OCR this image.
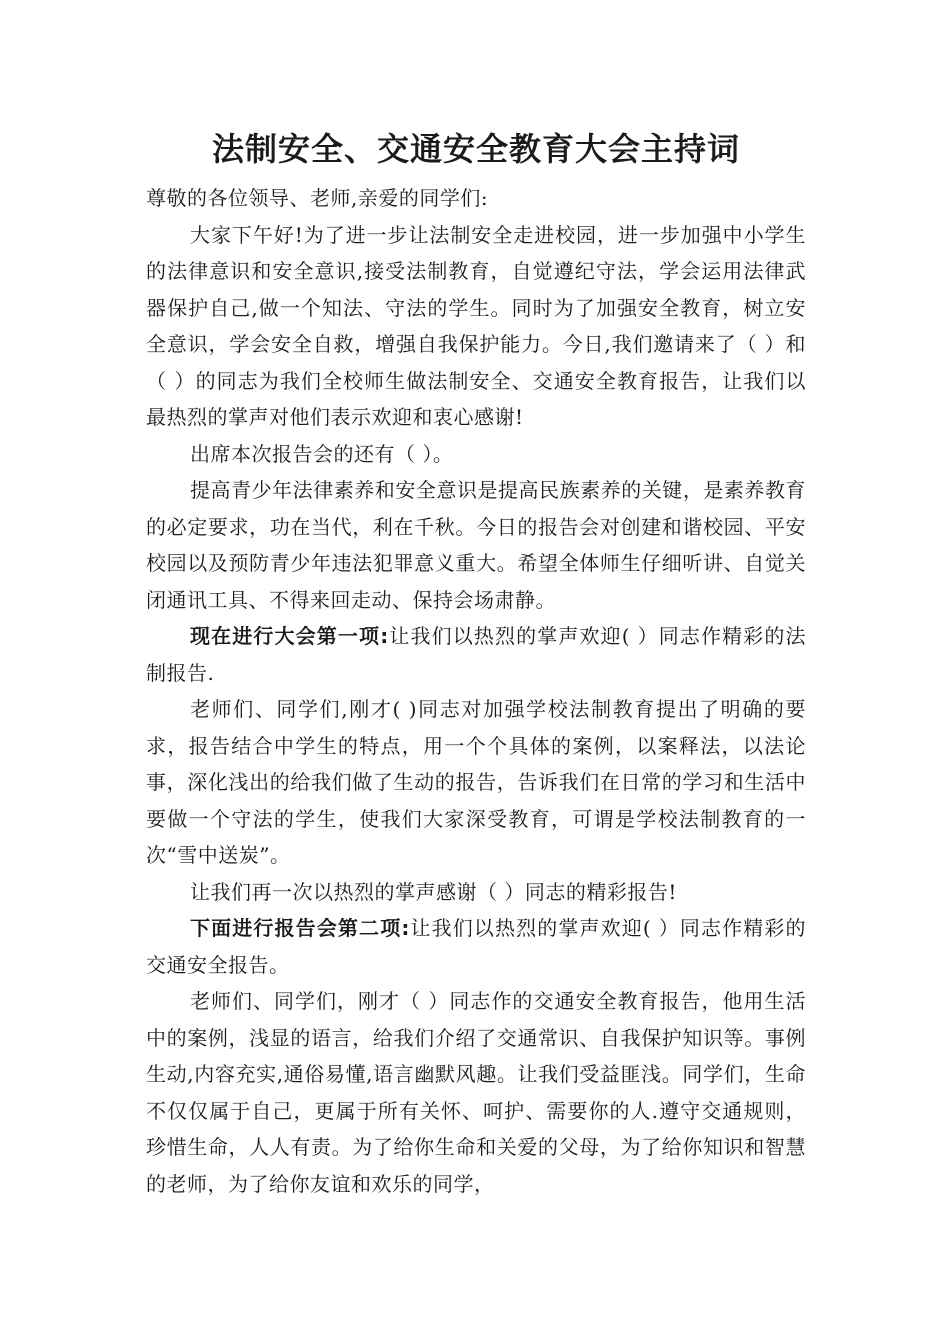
法制安全、交通安全教育大会主持词

尊敬的各位领导、老师,亲爱的同学们:

大家下午好!为了进一步让法制安全走进校园，进一步加强中小学生的法律意识和安全意识,接受法制教育，自觉遵纪守法，学会运用法律武器保护自己,做一个知法、守法的学生。同时为了加强安全教育，树立安全意识，学会安全自救，增强自我保护能力。今日,我们邀请来了（ ）和（ ）的同志为我们全校师生做法制安全、交通安全教育报告，让我们以最热烈的掌声对他们表示欢迎和衷心感谢!

出席本次报告会的还有（ ）。

提高青少年法律素养和安全意识是提高民族素养的关键，是素养教育的必定要求，功在当代，利在千秋。今日的报告会对创建和谐校园、平安校园以及预防青少年违法犯罪意义重大。希望全体师生仔细听讲、自觉关闭通讯工具、不得来回走动、保持会场肃静。

现在进行大会第一项:让我们以热烈的掌声欢迎( ）同志作精彩的法制报告.

老师们、同学们,刚才( )同志对加强学校法制教育提出了明确的要求，报告结合中学生的特点，用一个个具体的案例，以案释法，以法论事，深化浅出的给我们做了生动的报告，告诉我们在日常的学习和生活中要做一个守法的学生，使我们大家深受教育，可谓是学校法制教育的一次“雪中送炭”。

让我们再一次以热烈的掌声感谢（ ）同志的精彩报告!

下面进行报告会第二项:让我们以热烈的掌声欢迎( ）同志作精彩的交通安全报告。

老师们、同学们，刚才（ ）同志作的交通安全教育报告，他用生活中的案例，浅显的语言，给我们介绍了交通常识、自我保护知识等。事例生动,内容充实,通俗易懂,语言幽默风趣。让我们受益匪浅。同学们，生命不仅仅属于自己，更属于所有关怀、呵护、需要你的人.遵守交通规则，珍惜生命，人人有责。为了给你生命和关爱的父母，为了给你知识和智慧的老师，为了给你友谊和欢乐的同学，
